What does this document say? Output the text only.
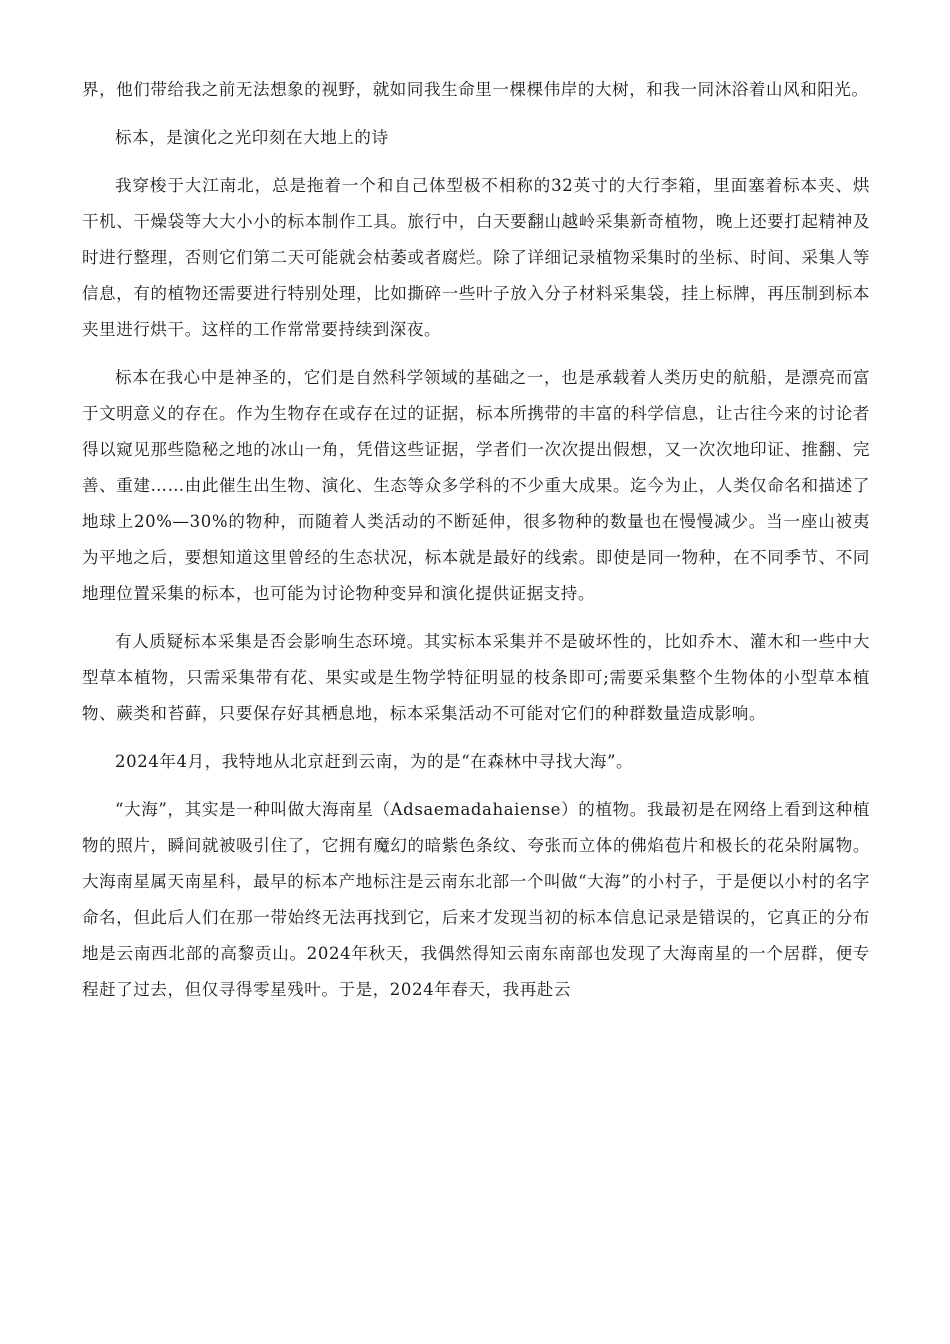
界，他们带给我之前无法想象的视野，就如同我生命里一棵棵伟岸的大树，和我一同沐浴着山风和阳光。

标本，是演化之光印刻在大地上的诗

我穿梭于大江南北，总是拖着一个和自己体型极不相称的32英寸的大行李箱，里面塞着标本夹、烘干机、干燥袋等大大小小的标本制作工具。旅行中，白天要翻山越岭采集新奇植物，晚上还要打起精神及时进行整理，否则它们第二天可能就会枯萎或者腐烂。除了详细记录植物采集时的坐标、时间、采集人等信息，有的植物还需要进行特别处理，比如撕碎一些叶子放入分子材料采集袋，挂上标牌，再压制到标本夹里进行烘干。这样的工作常常要持续到深夜。

标本在我心中是神圣的，它们是自然科学领域的基础之一，也是承载着人类历史的航船，是漂亮而富于文明意义的存在。作为生物存在或存在过的证据，标本所携带的丰富的科学信息，让古往今来的讨论者得以窥见那些隐秘之地的冰山一角，凭借这些证据，学者们一次次提出假想，又一次次地印证、推翻、完善、重建……由此催生出生物、演化、生态等众多学科的不少重大成果。迄今为止，人类仅命名和描述了地球上20%—30%的物种，而随着人类活动的不断延伸，很多物种的数量也在慢慢减少。当一座山被夷为平地之后，要想知道这里曾经的生态状况，标本就是最好的线索。即使是同一物种，在不同季节、不同地理位置采集的标本，也可能为讨论物种变异和演化提供证据支持。

有人质疑标本采集是否会影响生态环境。其实标本采集并不是破坏性的，比如乔木、灌木和一些中大型草本植物，只需采集带有花、果实或是生物学特征明显的枝条即可;需要采集整个生物体的小型草本植物、蕨类和苔藓，只要保存好其栖息地，标本采集活动不可能对它们的种群数量造成影响。

2024年4月，我特地从北京赶到云南，为的是“在森林中寻找大海”。

“大海”，其实是一种叫做大海南星（Adsaemadahaiense）的植物。我最初是在网络上看到这种植物的照片，瞬间就被吸引住了，它拥有魔幻的暗紫色条纹、夸张而立体的佛焰苞片和极长的花朵附属物。大海南星属天南星科，最早的标本产地标注是云南东北部一个叫做“大海”的小村子，于是便以小村的名字命名，但此后人们在那一带始终无法再找到它，后来才发现当初的标本信息记录是错误的，它真正的分布地是云南西北部的高黎贡山。2024年秋天，我偶然得知云南东南部也发现了大海南星的一个居群，便专程赶了过去，但仅寻得零星残叶。于是，2024年春天，我再赴云
